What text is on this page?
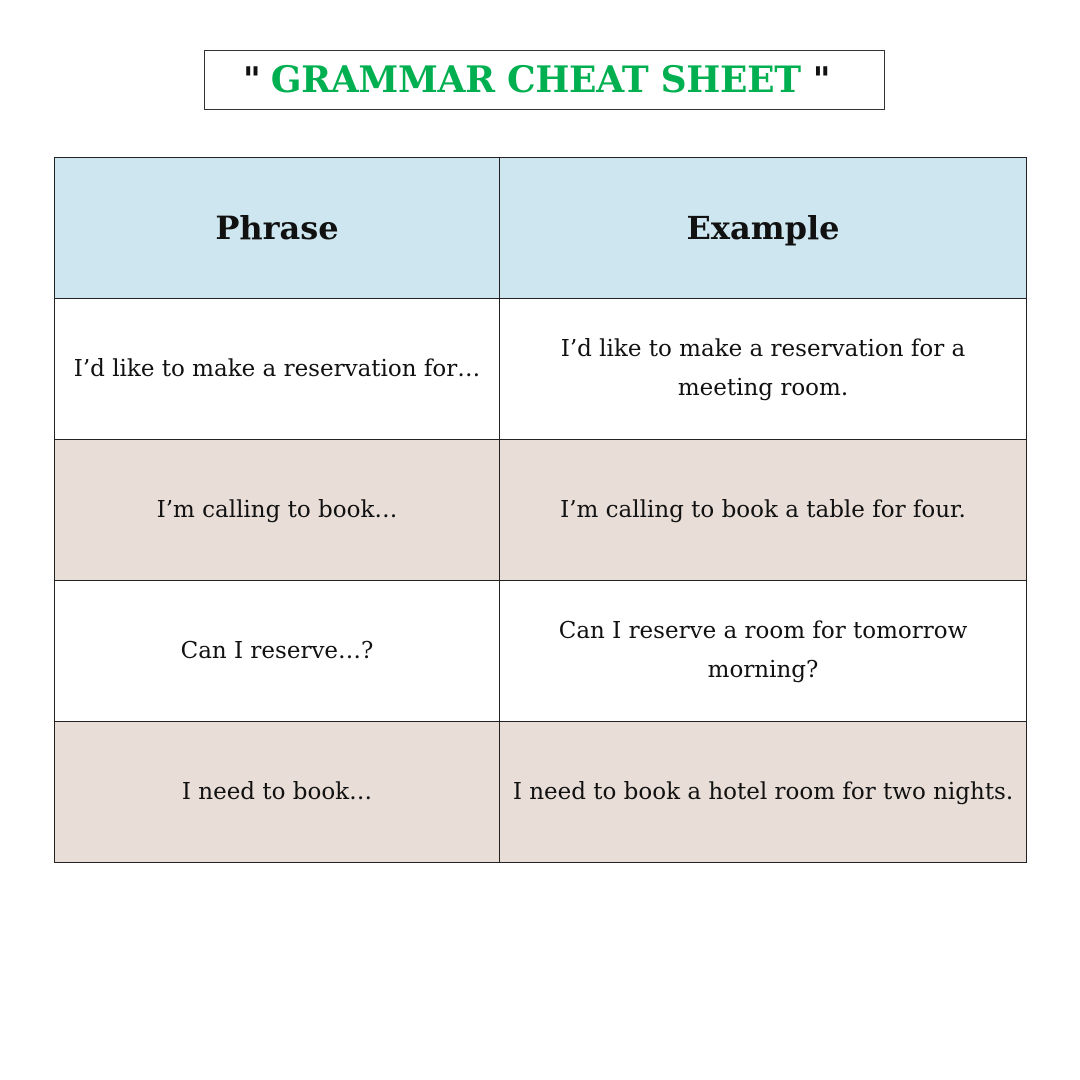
" GRAMMAR CHEAT SHEET "
Phrase	Example
I’d like to make a reservation for…	I’d like to make a reservation for a meeting room.
I’m calling to book…	I’m calling to book a table for four.
Can I reserve…?	Can I reserve a room for tomorrow morning?
I need to book…	I need to book a hotel room for two nights.
